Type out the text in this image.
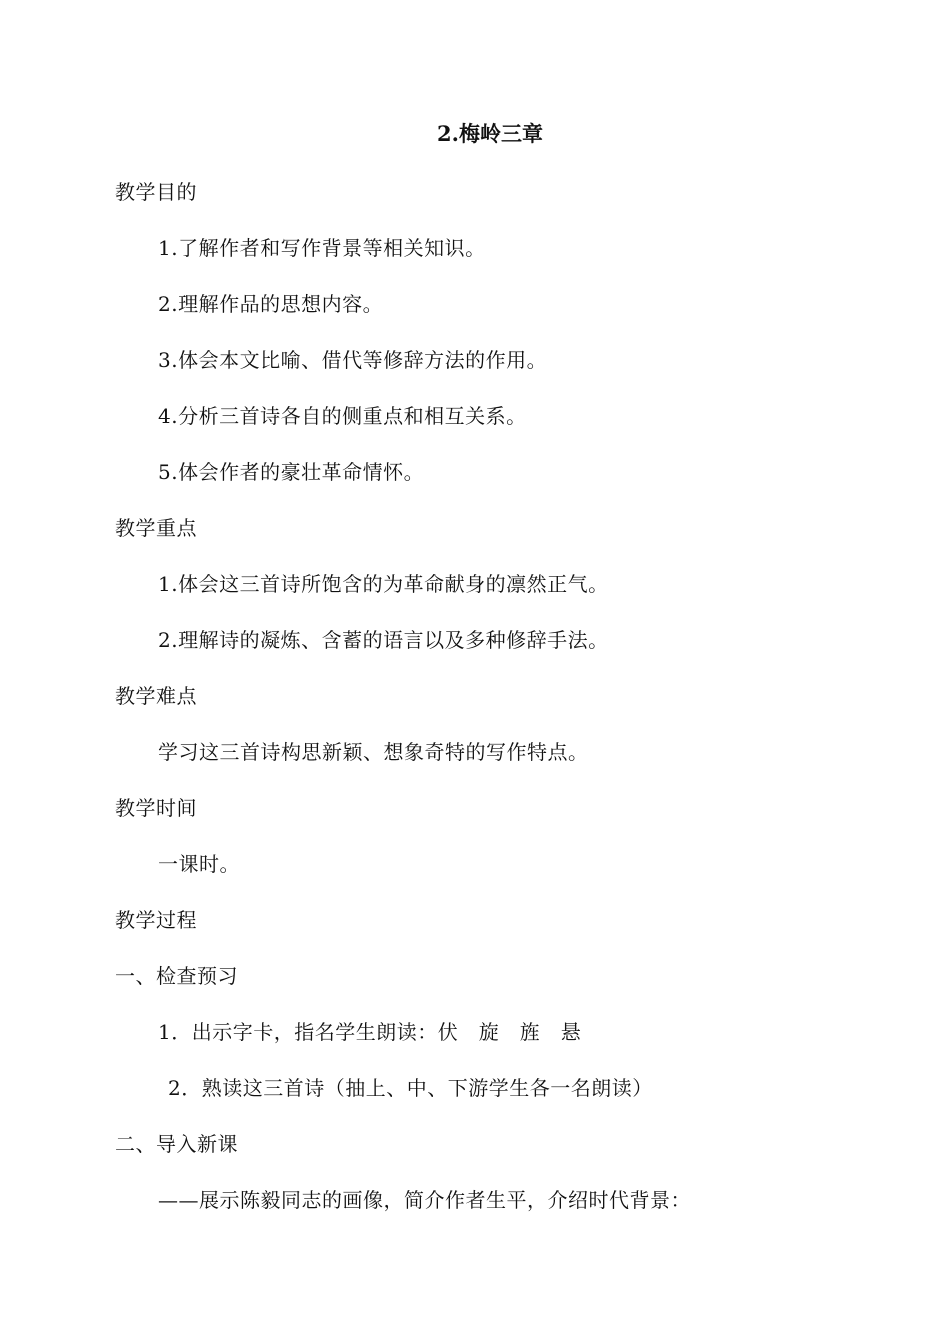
2.梅岭三章
教学目的
1.了解作者和写作背景等相关知识。
2.理解作品的思想内容。
3.体会本文比喻、借代等修辞方法的作用。
4.分析三首诗各自的侧重点和相互关系。
5.体会作者的豪壮革命情怀。
教学重点
1.体会这三首诗所饱含的为革命献身的凛然正气。
2.理解诗的凝炼、含蓄的语言以及多种修辞手法。
教学难点
学习这三首诗构思新颖、想象奇特的写作特点。
教学时间
一课时。
教学过程
一、检查预习
1．出示字卡，指名学生朗读：伏　旋　旌　悬
2．熟读这三首诗（抽上、中、下游学生各一名朗读）
二、导入新课
——展示陈毅同志的画像，简介作者生平，介绍时代背景：
